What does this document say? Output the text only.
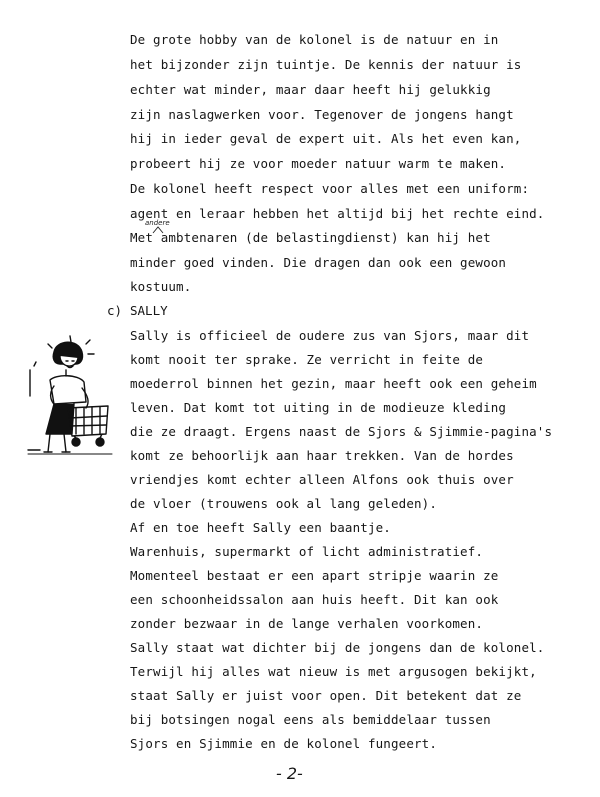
De grote hobby van de kolonel is de natuur en in
het bijzonder zijn tuintje. De kennis der natuur is
echter wat minder, maar daar heeft hij gelukkig
zijn naslagwerken voor. Tegenover de jongens hangt
hij in ieder geval de expert uit. Als het even kan,
probeert hij ze voor moeder natuur warm te maken.
De kolonel heeft respect voor alles met een uniform:
agent en leraar hebben het altijd bij het rechte eind.
Met ambtenaren (de belastingdienst) kan hij het
minder goed vinden. Die dragen dan ook een gewoon
kostuum.
andere
c) SALLY
Sally is officieel de oudere zus van Sjors, maar dit
komt nooit ter sprake. Ze verricht in feite de
moederrol binnen het gezin, maar heeft ook een geheim
leven. Dat komt tot uiting in de modieuze kleding
die ze draagt. Ergens naast de Sjors & Sjimmie-pagina's
komt ze behoorlijk aan haar trekken. Van de hordes
vriendjes komt echter alleen Alfons ook thuis over
de vloer (trouwens ook al lang geleden).
Af en toe heeft Sally een baantje.
Warenhuis, supermarkt of licht administratief.
Momenteel bestaat er een apart stripje waarin ze
een schoonheidssalon aan huis heeft. Dit kan ook
zonder bezwaar in de lange verhalen voorkomen.
Sally staat wat dichter bij de jongens dan de kolonel.
Terwijl hij alles wat nieuw is met argusogen bekijkt,
staat Sally er juist voor open. Dit betekent dat ze
bij botsingen nogal eens als bemiddelaar tussen
Sjors en Sjimmie en de kolonel fungeert.
- 2-
